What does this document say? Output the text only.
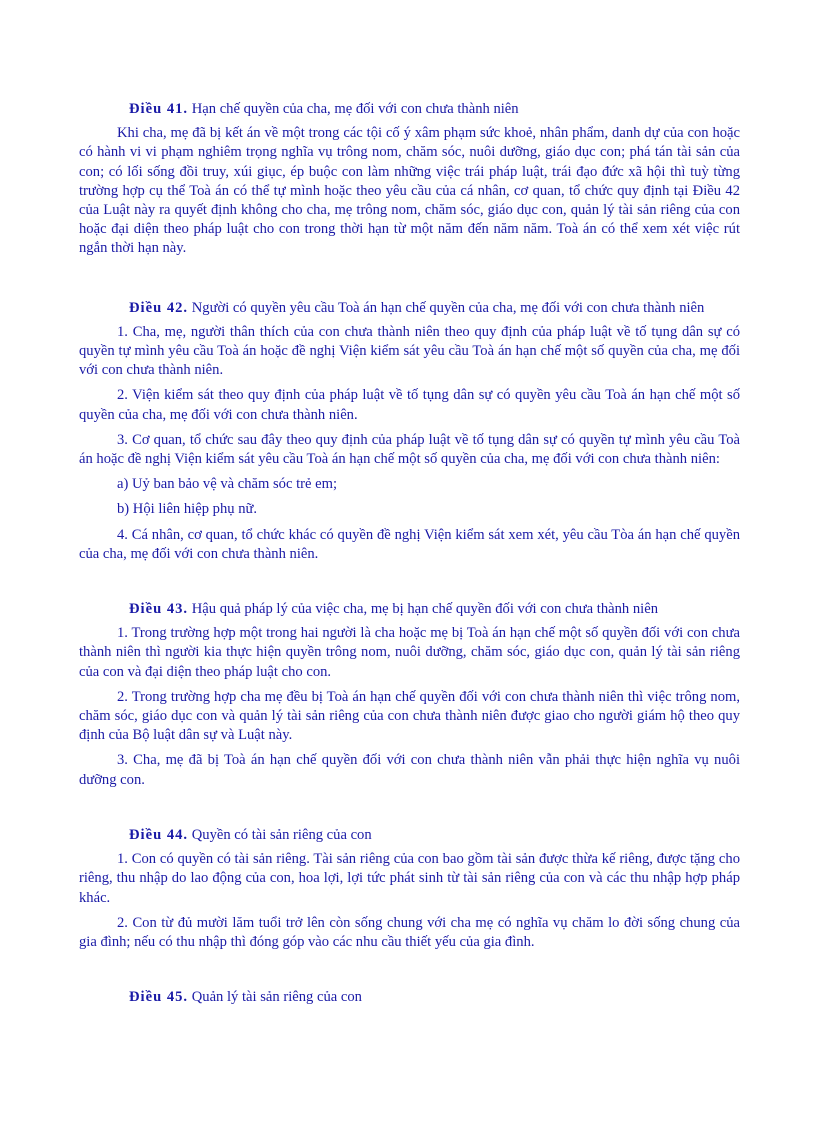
Điều 41. Hạn chế quyền của cha, mẹ đối với con chưa thành niên

Khi cha, mẹ đã bị kết án về một trong các tội cố ý xâm phạm sức khoẻ, nhân phẩm, danh dự của con hoặc có hành vi vi phạm nghiêm trọng nghĩa vụ trông nom, chăm sóc, nuôi dưỡng, giáo dục con; phá tán tài sản của con; có lối sống đồi truy, xúi giục, ép buộc con làm những việc trái pháp luật, trái đạo đức xã hội thì tuỳ từng trường hợp cụ thể Toà án có thể tự mình hoặc theo yêu cầu của cá nhân, cơ quan, tổ chức quy định tại Điều 42 của Luật này ra quyết định không cho cha, mẹ trông nom, chăm sóc, giáo dục con, quản lý tài sản riêng của con hoặc đại diện theo pháp luật cho con trong thời hạn từ một năm đến năm năm. Toà án có thể xem xét việc rút ngắn thời hạn này.

Điều 42. Người có quyền yêu cầu Toà án hạn chế quyền của cha, mẹ đối với con chưa thành niên

1. Cha, mẹ, người thân thích của con chưa thành niên theo quy định của pháp luật về tố tụng dân sự có quyền tự mình yêu cầu Toà án hoặc đề nghị Viện kiểm sát yêu cầu Toà án hạn chế một số quyền của cha, mẹ đối với con chưa thành niên.

2. Viện kiểm sát theo quy định của pháp luật về tố tụng dân sự có quyền yêu cầu Toà án hạn chế một số quyền của cha, mẹ đối với con chưa thành niên.

3. Cơ quan, tổ chức sau đây theo quy định của pháp luật về tố tụng dân sự có quyền tự mình yêu cầu Toà án hoặc đề nghị Viện kiểm sát yêu cầu Toà án hạn chế một số quyền của cha, mẹ đối với con chưa thành niên:

a) Uỷ ban bảo vệ và chăm sóc trẻ em;

b) Hội liên hiệp phụ nữ.

4. Cá nhân, cơ quan, tổ chức khác có quyền đề nghị Viện kiểm sát xem xét, yêu cầu Tòa án hạn chế quyền của cha, mẹ đối với con chưa thành niên.

Điều 43. Hậu quả pháp lý của việc cha, mẹ bị hạn chế quyền đối với con chưa thành niên

1. Trong trường hợp một trong hai người là cha hoặc mẹ bị Toà án hạn chế một số quyền đối với con chưa thành niên thì người kia thực hiện quyền trông nom, nuôi dưỡng, chăm sóc, giáo dục con, quản lý tài sản riêng của con và đại diện theo pháp luật cho con.

2. Trong trường hợp cha mẹ đều bị Toà án hạn chế quyền đối với con chưa thành niên thì việc trông nom, chăm sóc, giáo dục con và quản lý tài sản riêng của con chưa thành niên được giao cho người giám hộ theo quy định của Bộ luật dân sự và Luật này.

3. Cha, mẹ đã bị Toà án hạn chế quyền đối với con chưa thành niên vẫn phải thực hiện nghĩa vụ nuôi dưỡng con.

Điều 44. Quyền có tài sản riêng của con

1. Con có quyền có tài sản riêng. Tài sản riêng của con bao gồm tài sản được thừa kế riêng, được tặng cho riêng, thu nhập do lao động của con, hoa lợi, lợi tức phát sinh từ tài sản riêng của con và các thu nhập hợp pháp khác.

2. Con từ đủ mười lăm tuổi trở lên còn sống chung với cha mẹ có nghĩa vụ chăm lo đời sống chung của gia đình; nếu có thu nhập thì đóng góp vào các nhu cầu thiết yếu của gia đình.

Điều 45. Quản lý tài sản riêng của con
